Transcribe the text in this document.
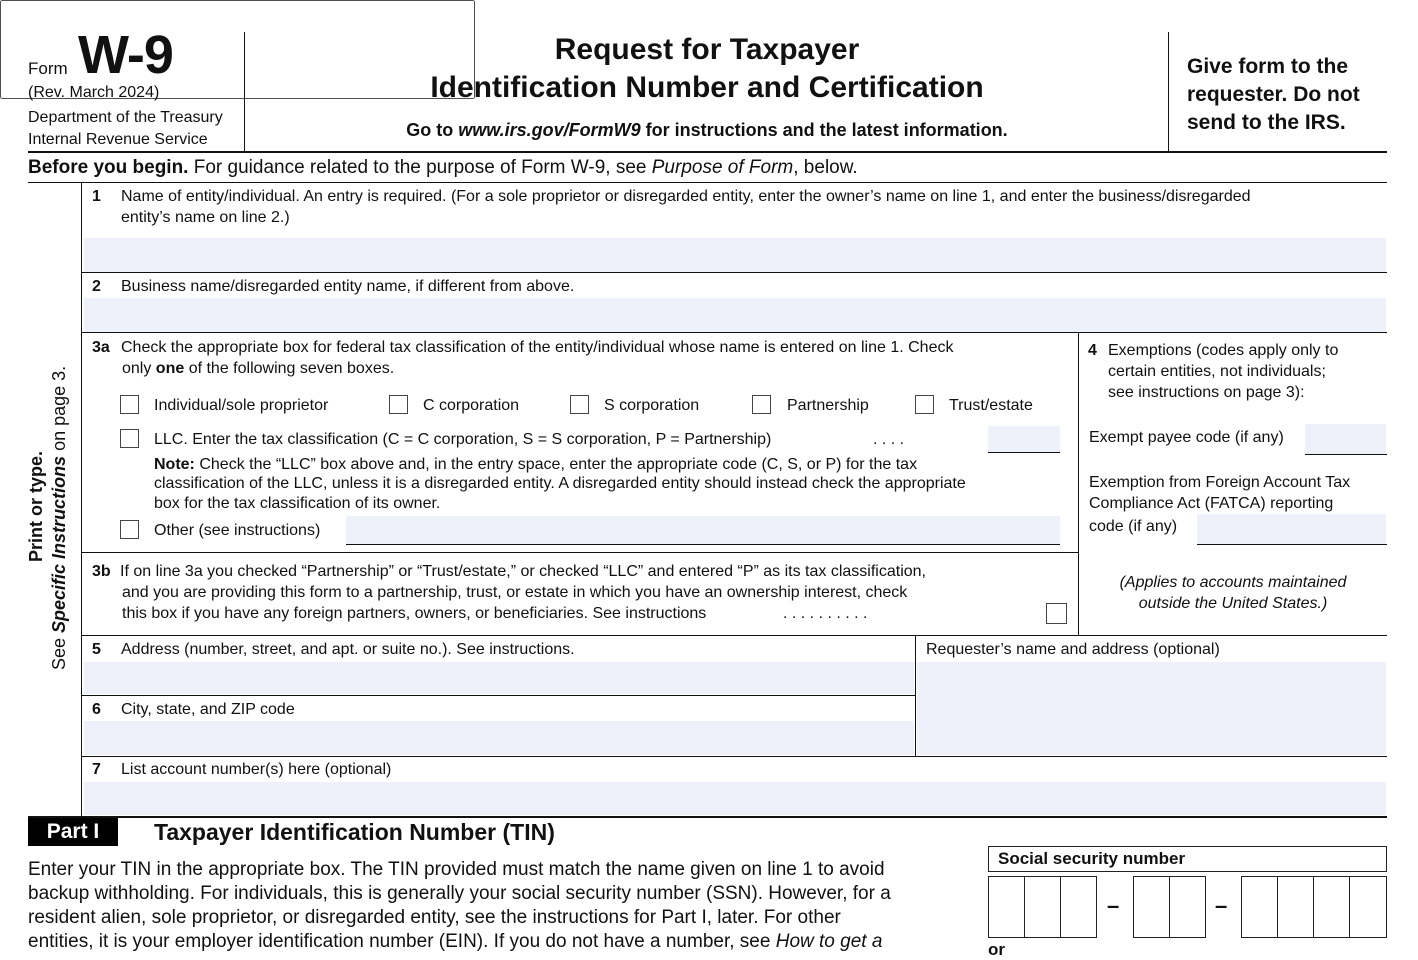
Form W-9
(Rev. March 2024)
Department of the Treasury
Internal Revenue Service
Request for Taxpayer
Identification Number and Certification
Go to www.irs.gov/FormW9 for instructions and the latest information.
Give form to the
requester. Do not
send to the IRS.
Before you begin. For guidance related to the purpose of Form W-9, see Purpose of Form, below.
Print or type.
See Specific Instructions on page 3.
1 Name of entity/individual. An entry is required. (For a sole proprietor or disregarded entity, enter the owner’s name on line 1, and enter the business/disregarded
entity’s name on line 2.)
2 Business name/disregarded entity name, if different from above.
3a Check the appropriate box for federal tax classification of the entity/individual whose name is entered on line 1. Check
only one of the following seven boxes.
Individual/sole proprietor	C corporation	S corporation	Partnership	Trust/estate
LLC. Enter the tax classification (C = C corporation, S = S corporation, P = Partnership)	. . . .
Note: Check the “LLC” box above and, in the entry space, enter the appropriate code (C, S, or P) for the tax
classification of the LLC, unless it is a disregarded entity. A disregarded entity should instead check the appropriate
box for the tax classification of its owner.
Other (see instructions)
3b If on line 3a you checked “Partnership” or “Trust/estate,” or checked “LLC” and entered “P” as its tax classification,
and you are providing this form to a partnership, trust, or estate in which you have an ownership interest, check
this box if you have any foreign partners, owners, or beneficiaries. See instructions	. . . . . . . . . .
4 Exemptions (codes apply only to
certain entities, not individuals;
see instructions on page 3):
Exempt payee code (if any)
Exemption from Foreign Account Tax
Compliance Act (FATCA) reporting
code (if any)
(Applies to accounts maintained
outside the United States.)
5 Address (number, street, and apt. or suite no.). See instructions.	Requester’s name and address (optional)
6 City, state, and ZIP code
7 List account number(s) here (optional)
Part I	Taxpayer Identification Number (TIN)
Enter your TIN in the appropriate box. The TIN provided must match the name given on line 1 to avoid
backup withholding. For individuals, this is generally your social security number (SSN). However, for a
resident alien, sole proprietor, or disregarded entity, see the instructions for Part I, later. For other
entities, it is your employer identification number (EIN). If you do not have a number, see How to get a
Social security number
–	–
or
